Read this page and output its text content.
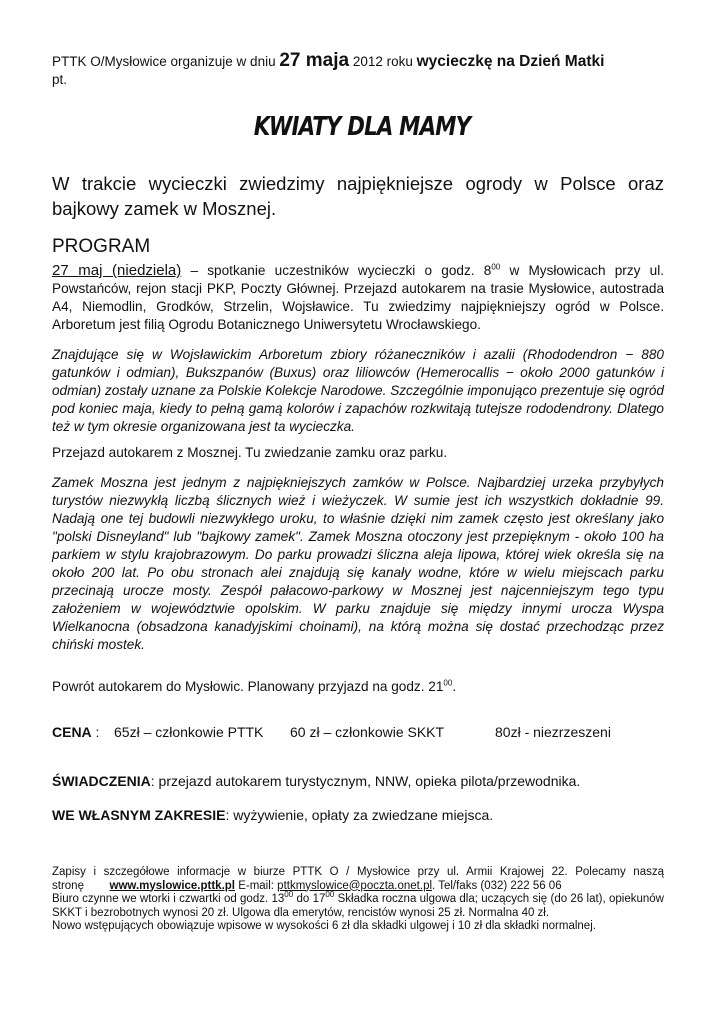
PTTK O/Mysłowice organizuje w dniu 27 maja 2012 roku wycieczkę na Dzień Matki
pt.
KWIATY DLA MAMY
W trakcie wycieczki zwiedzimy najpiękniejsze ogrody w Polsce oraz bajkowy zamek w Mosznej.
PROGRAM
27 maj (niedziela) – spotkanie uczestników wycieczki o godz. $8^{00}$ w Mysłowicach przy ul. Powstańców, rejon stacji PKP, Poczty Głównej. Przejazd autokarem na trasie Mysłowice, autostrada A4, Niemodlin, Grodków, Strzelin, Wojsławice. Tu zwiedzimy najpiękniejszy ogród w Polsce. Arboretum jest filią Ogrodu Botanicznego Uniwersytetu Wrocławskiego.
Znajdujące się w Wojsławickim Arboretum zbiory różaneczników i azalii (Rhododendron − 880 gatunków i odmian), Bukszpanów (Buxus) oraz liliowców (Hemerocallis − około 2000 gatunków i odmian) zostały uznane za Polskie Kolekcje Narodowe. Szczególnie imponująco prezentuje się ogród pod koniec maja, kiedy to pełną gamą kolorów i zapachów rozkwitają tutejsze rododendrony. Dlatego też w tym okresie organizowana jest ta wycieczka.
Przejazd autokarem z Mosznej. Tu zwiedzanie zamku oraz parku.
Zamek Moszna jest jednym z najpiękniejszych zamków w Polsce. Najbardziej urzeka przybyłych turystów niezwykłą liczbą ślicznych wież i wieżyczek. W sumie jest ich wszystkich dokładnie 99. Nadają one tej budowli niezwykłego uroku, to właśnie dzięki nim zamek często jest określany jako "polski Disneyland" lub "bajkowy zamek". Zamek Moszna otoczony jest przepięknym - około 100 ha parkiem w stylu krajobrazowym. Do parku prowadzi śliczna aleja lipowa, której wiek określa się na około 200 lat. Po obu stronach alei znajdują się kanały wodne, które w wielu miejscach parku przecinają urocze mosty. Zespół pałacowo-parkowy w Mosznej jest najcenniejszym tego typu założeniem w województwie opolskim. W parku znajduje się między innymi urocza Wyspa Wielkanocna (obsadzona kanadyjskimi choinami), na którą można się dostać przechodząc przez chiński mostek.
Powrót autokarem do Mysłowic. Planowany przyjazd na godz. $21^{00}$.
CENA : 65zł – członkowie PTTK 60 zł – członkowie SKKT	80zł - niezrzeszeni
ŚWIADCZENIA: przejazd autokarem turystycznym, NNW, opieka pilota/przewodnika.
WE WŁASNYM ZAKRESIE: wyżywienie, opłaty za zwiedzane miejsca.
Zapisy i szczegółowe informacje w biurze PTTK O / Mysłowice przy ul. Armii Krajowej 22. Polecamy naszą stronę www.myslowice.pttk.pl E-mail: pttkmyslowice@poczta.onet.pl. Tel/faks (032) 222 56 06
Biuro czynne we wtorki i czwartki od godz. $13^{00}$ do $17^{00}$ Składka roczna ulgowa dla; uczących się (do 26 lat), opiekunów SKKT i bezrobotnych wynosi 20 zł. Ulgowa dla emerytów, rencistów wynosi 25 zł. Normalna 40 zł.
Nowo wstępujących obowiązuje wpisowe w wysokości 6 zł dla składki ulgowej i 10 zł dla składki normalnej.
